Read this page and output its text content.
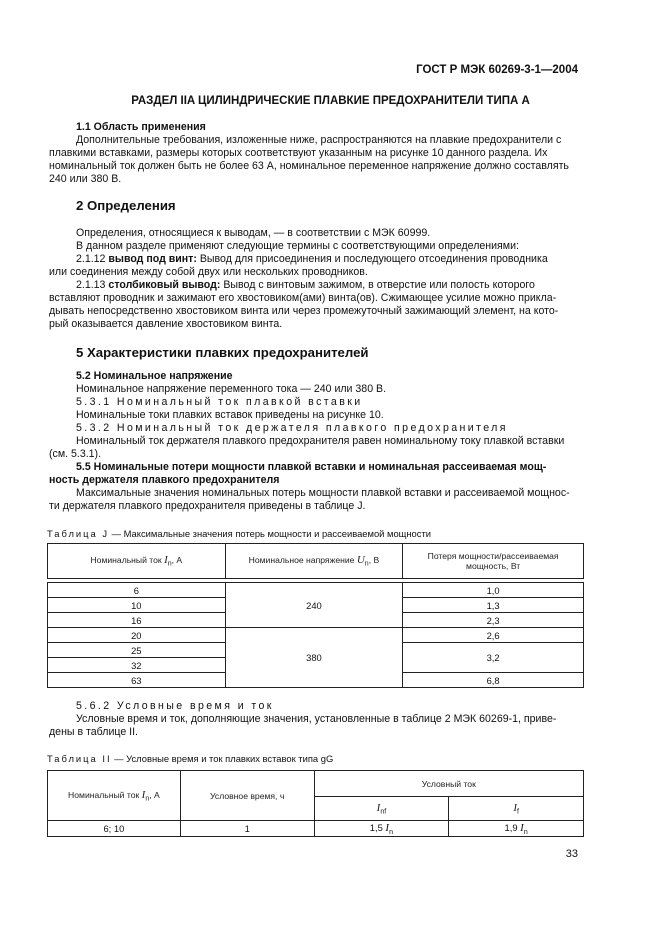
ГОСТ Р МЭК 60269-3-1—2004
РАЗДЕЛ IIA ЦИЛИНДРИЧЕСКИЕ ПЛАВКИЕ ПРЕДОХРАНИТЕЛИ ТИПА А

1.1 Область применения

Дополнительные требования, изложенные ниже, распространяются на плавкие предохранители с

плавкими вставками, размеры которых соответствуют указанным на рисунке 10 данного раздела. Их

номинальный ток должен быть не более 63 А, номинальное переменное напряжение должно составлять

240 или 380 В.

2 Определения

Определения, относящиеся к выводам, — в соответствии с МЭК 60999.

В данном разделе применяют следующие термины с соответствующими определениями:

2.1.12 вывод под винт: Вывод для присоединения и последующего отсоединения проводника

или соединения между собой двух или нескольких проводников.

2.1.13 столбиковый вывод: Вывод с винтовым зажимом, в отверстие или полость которого

вставляют проводник и зажимают его хвостовиком(ами) винта(ов). Сжимающее усилие можно прикла-

дывать непосредственно хвостовиком винта или через промежуточный зажимающий элемент, на кото-

рый оказывается давление хвостовиком винта.

5 Характеристики плавких предохранителей

5.2 Номинальное напряжение

Номинальное напряжение переменного тока — 240 или 380 В.

5.3.1 Номинальный ток плавкой вставки

Номинальные токи плавких вставок приведены на рисунке 10.

5.3.2 Номинальный ток держателя плавкого предохранителя

Номинальный ток держателя плавкого предохранителя равен номинальному току плавкой вставки

(см. 5.3.1).

5.5 Номинальные потери мощности плавкой вставки и номинальная рассеиваемая мощ-

ность держателя плавкого предохранителя

Максимальные значения номинальных потерь мощности плавкой вставки и рассеиваемой мощнос-

ти держателя плавкого предохранителя приведены в таблице J.

Таблица J — Максимальные значения потерь мощности и рассеиваемой мощности
Номинальный ток $I_n$, А	Номинальное напряжение $U_n$, В	Потеря мощности/рассеиваемая мощность, Вт

6	240	1,0
10		1,3
16		2,3
20	380	2,6
25		3,2
32		
63		6,8

5.6.2 Условные время и ток

Условные время и ток, дополняющие значения, установленные в таблице 2 МЭК 60269-1, приве-

дены в таблице II.

Таблица II — Условные время и ток плавких вставок типа gG
Номинальный ток $I_n$, А	Условное время, ч	Условный ток	
		$I_{nf}$	$I_f$
6; 10	1	1,5 $I_n$	1,9 $I_n$
33
